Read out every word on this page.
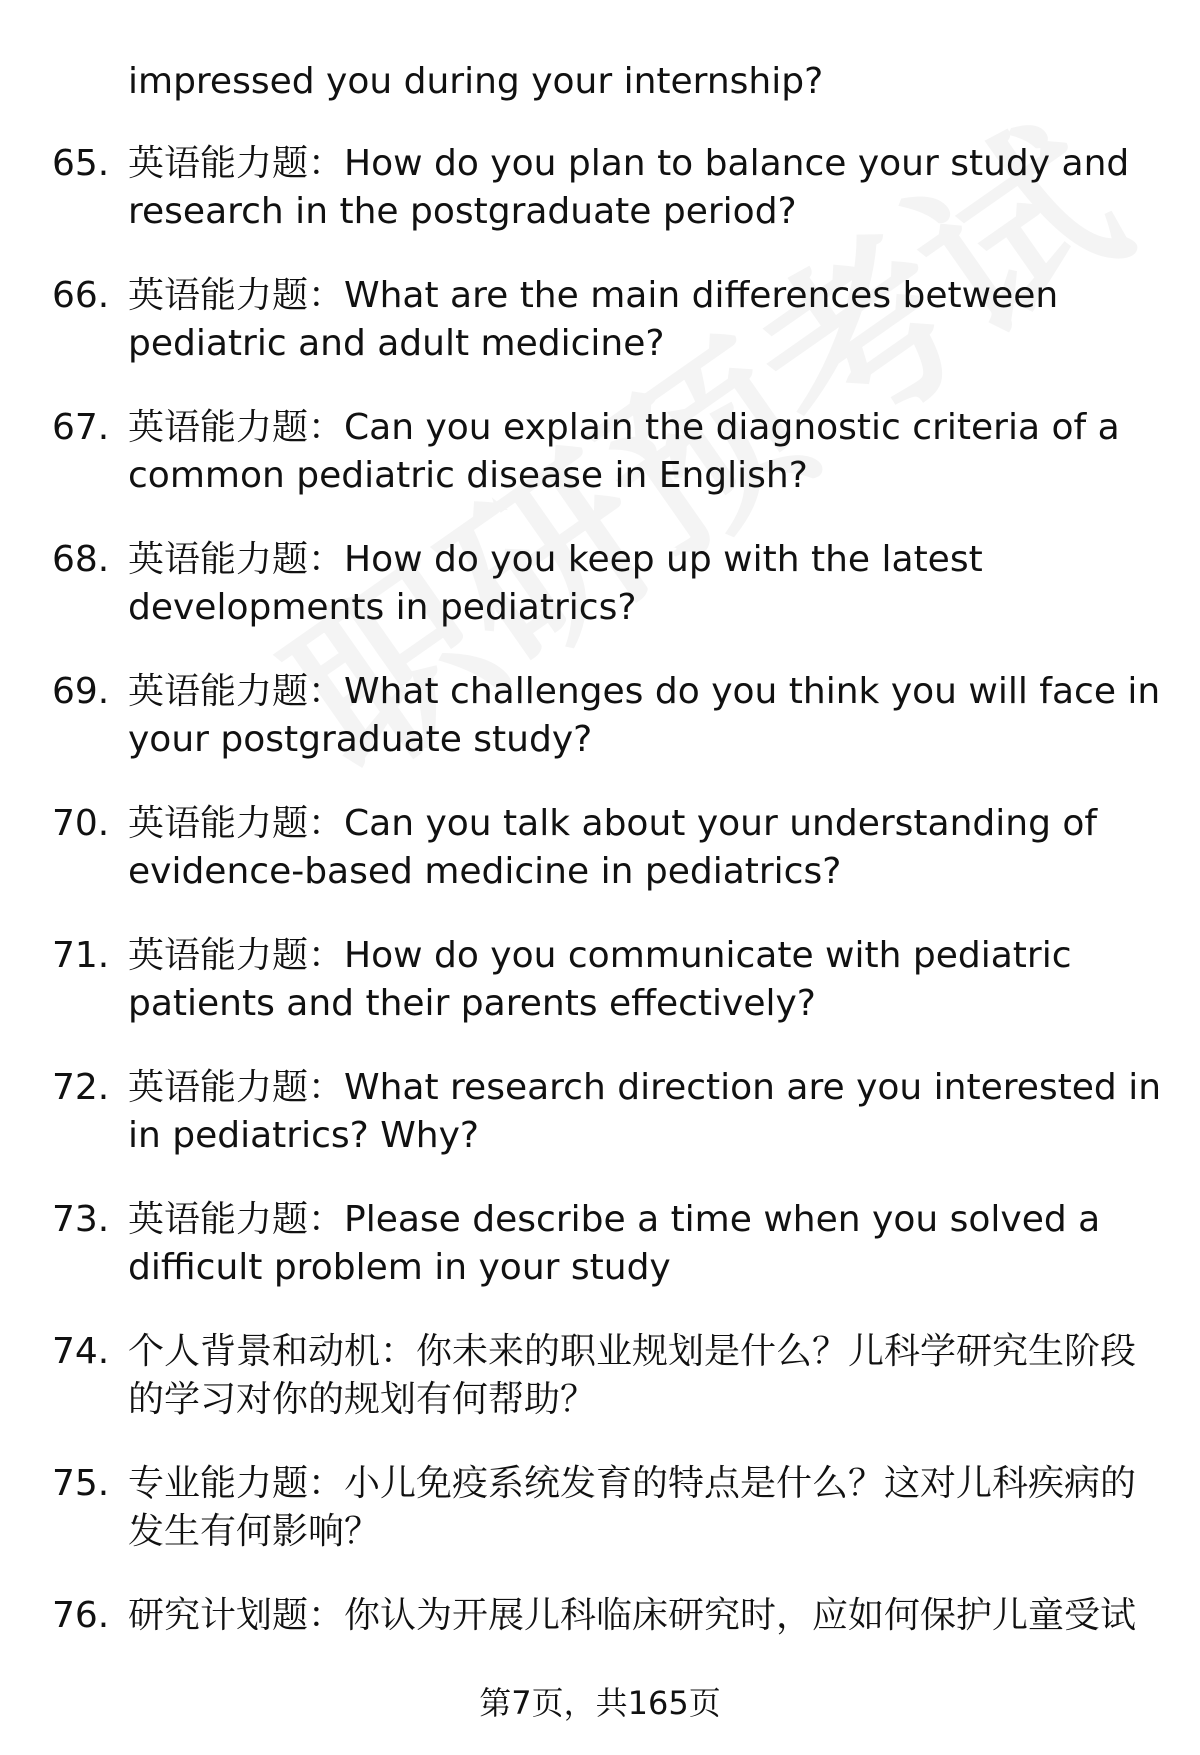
impressed you during your internship?
65. 英语能力题：How do you plan to balance your study and
research in the postgraduate period?
66. 英语能力题：What are the main differences between
pediatric and adult medicine?
67. 英语能力题：Can you explain the diagnostic criteria of a
common pediatric disease in English?
68. 英语能力题：How do you keep up with the latest
developments in pediatrics?
69. 英语能力题：What challenges do you think you will face in
your postgraduate study?
70. 英语能力题：Can you talk about your understanding of
evidence-based medicine in pediatrics?
71. 英语能力题：How do you communicate with pediatric
patients and their parents effectively?
72. 英语能力题：What research direction are you interested in
in pediatrics? Why?
73. 英语能力题：Please describe a time when you solved a
difficult problem in your study
74. 个人背景和动机：你未来的职业规划是什么？儿科学研究生阶段
的学习对你的规划有何帮助？
75. 专业能力题：小儿免疫系统发育的特点是什么？这对儿科疾病的
发生有何影响？
76. 研究计划题：你认为开展儿科临床研究时，应如何保护儿童受试
第7页，共165页
